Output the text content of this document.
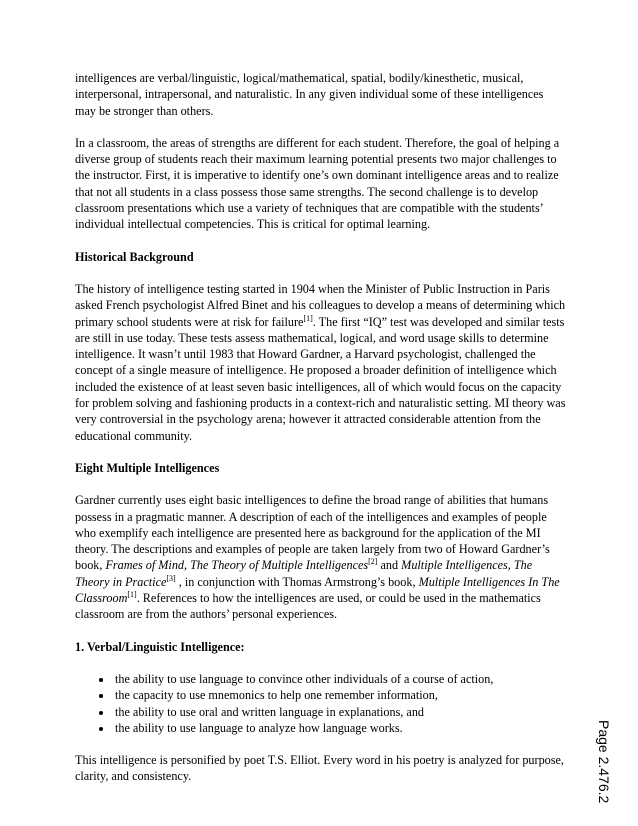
intelligences are verbal/linguistic, logical/mathematical, spatial, bodily/kinesthetic, musical, interpersonal, intrapersonal, and naturalistic. In any given individual some of these intelligences may be stronger than others.

In a classroom, the areas of strengths are different for each student. Therefore, the goal of helping a diverse group of students reach their maximum learning potential presents two major challenges to the instructor. First, it is imperative to identify one’s own dominant intelligence areas and to realize that not all students in a class possess those same strengths. The second challenge is to develop classroom presentations which use a variety of techniques that are compatible with the students’ individual intellectual competencies. This is critical for optimal learning.

Historical Background

The history of intelligence testing started in 1904 when the Minister of Public Instruction in Paris asked French psychologist Alfred Binet and his colleagues to develop a means of determining which primary school students were at risk for failure[1]. The first “IQ” test was developed and similar tests are still in use today. These tests assess mathematical, logical, and word usage skills to determine intelligence. It wasn’t until 1983 that Howard Gardner, a Harvard psychologist, challenged the concept of a single measure of intelligence. He proposed a broader definition of intelligence which included the existence of at least seven basic intelligences, all of which would focus on the capacity for problem solving and fashioning products in a context-rich and naturalistic setting. MI theory was very controversial in the psychology arena; however it attracted considerable attention from the educational community.

Eight Multiple Intelligences

Gardner currently uses eight basic intelligences to define the broad range of abilities that humans possess in a pragmatic manner. A description of each of the intelligences and examples of people who exemplify each intelligence are presented here as background for the application of the MI theory. The descriptions and examples of people are taken largely from two of Howard Gardner’s book, Frames of Mind, The Theory of Multiple Intelligences[2] and Multiple Intelligences, The Theory in Practice[3] , in conjunction with Thomas Armstrong’s book, Multiple Intelligences In The Classroom[1]. References to how the intelligences are used, or could be used in the mathematics classroom are from the authors’ personal experiences.

1. Verbal/Linguistic Intelligence:
• the ability to use language to convince other individuals of a course of action,
• the capacity to use mnemonics to help one remember information,
• the ability to use oral and written language in explanations, and
• the ability to use language to analyze how language works.

This intelligence is personified by poet T.S. Elliot. Every word in his poetry is analyzed for purpose, clarity, and consistency.	Page 2.476.2
